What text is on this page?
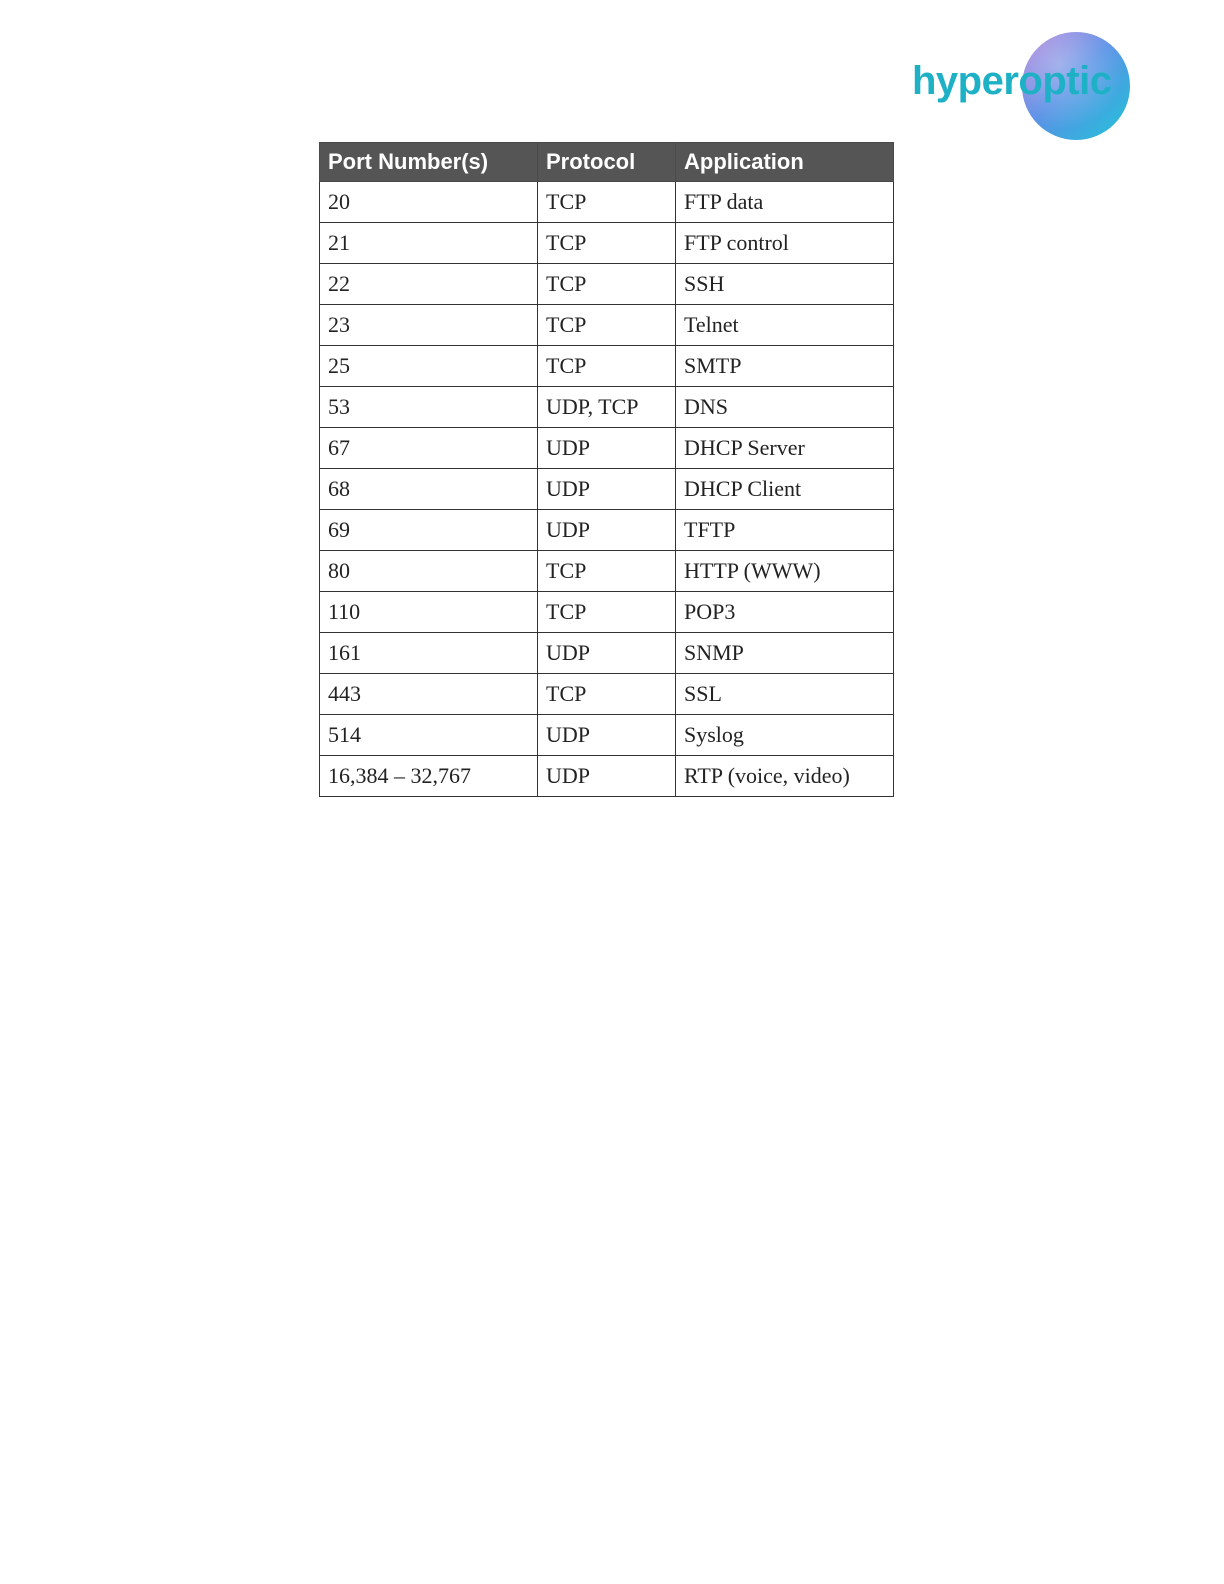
hyperoptic
Port Number(s)	Protocol	Application
20	TCP	FTP data
21	TCP	FTP control
22	TCP	SSH
23	TCP	Telnet
25	TCP	SMTP
53	UDP, TCP	DNS
67	UDP	DHCP Server
68	UDP	DHCP Client
69	UDP	TFTP
80	TCP	HTTP (WWW)
110	TCP	POP3
161	UDP	SNMP
443	TCP	SSL
514	UDP	Syslog
16,384 – 32,767	UDP	RTP (voice, video)
